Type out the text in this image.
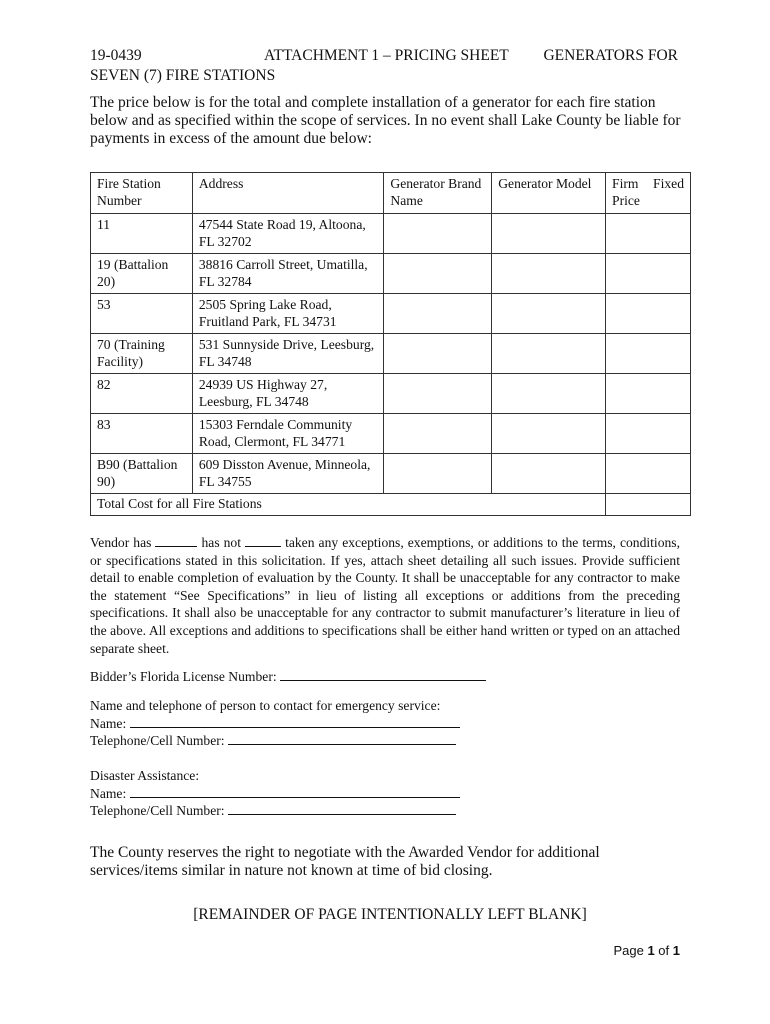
19-0439	ATTACHMENT 1 – PRICING SHEET GENERATORS FOR
SEVEN (7) FIRE STATIONS
The price below is for the total and complete installation of a generator for each fire station below and as specified within the scope of services. In no event shall Lake County be liable for payments in excess of the amount due below:
Fire Station Number	Address	Generator Brand Name	Generator Model	Firm Fixed
Price

11	47544 State Road 19, Altoona, FL 32702			
19 (Battalion 20)	38816 Carroll Street, Umatilla, FL 32784			
53	2505 Spring Lake Road, Fruitland Park, FL 34731			
70 (Training Facility)	531 Sunnyside Drive, Leesburg, FL 34748			
82	24939 US Highway 27, Leesburg, FL 34748			
83	15303 Ferndale Community Road, Clermont, FL 34771			
B90 (Battalion 90)	609 Disston Avenue, Minneola, FL 34755			
Total Cost for all Fire Stations				
Vendor has	has not	taken any exceptions, exemptions, or additions to the terms, conditions, or specifications stated in this solicitation. If yes, attach sheet detailing all such issues. Provide sufficient detail to enable completion of evaluation by the County. It shall be unacceptable for any contractor to make the statement “See Specifications” in lieu of listing all exceptions or additions from the preceding specifications. It shall also be unacceptable for any contractor to submit manufacturer’s literature in lieu of the above. All exceptions and additions to specifications shall be either hand written or typed on an attached separate sheet.
Bidder’s Florida License Number:
Name and telephone of person to contact for emergency service:
Name:
Telephone/Cell Number:
Disaster Assistance:
Name:
Telephone/Cell Number:
The County reserves the right to negotiate with the Awarded Vendor for additional services/items similar in nature not known at time of bid closing.
[REMAINDER OF PAGE INTENTIONALLY LEFT BLANK]
Page 1 of 1
